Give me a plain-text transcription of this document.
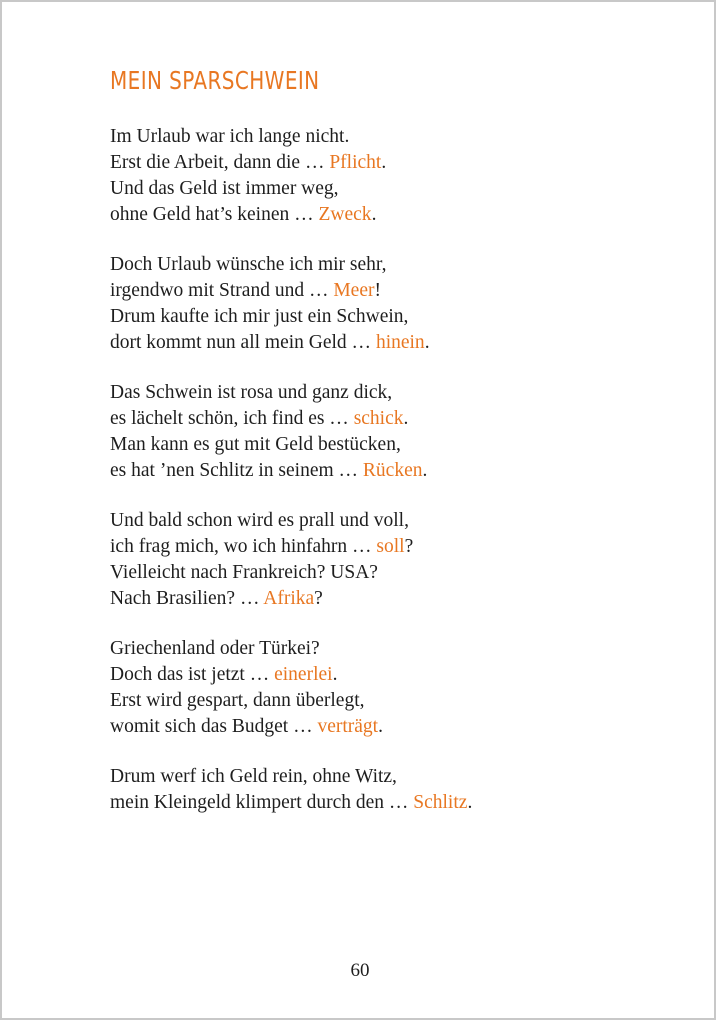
MEIN SPARSCHWEIN
Im Urlaub war ich lange nicht.
Erst die Arbeit, dann die … Pflicht.
Und das Geld ist immer weg,
ohne Geld hat’s keinen … Zweck.
Doch Urlaub wünsche ich mir sehr,
irgendwo mit Strand und … Meer!
Drum kaufte ich mir just ein Schwein,
dort kommt nun all mein Geld … hinein.
Das Schwein ist rosa und ganz dick,
es lächelt schön, ich find es … schick.
Man kann es gut mit Geld bestücken,
es hat ’nen Schlitz in seinem … Rücken.
Und bald schon wird es prall und voll,
ich frag mich, wo ich hinfahrn … soll?
Vielleicht nach Frankreich? USA?
Nach Brasilien? … Afrika?
Griechenland oder Türkei?
Doch das ist jetzt … einerlei.
Erst wird gespart, dann überlegt,
womit sich das Budget … verträgt.
Drum werf ich Geld rein, ohne Witz,
mein Kleingeld klimpert durch den … Schlitz.
60
